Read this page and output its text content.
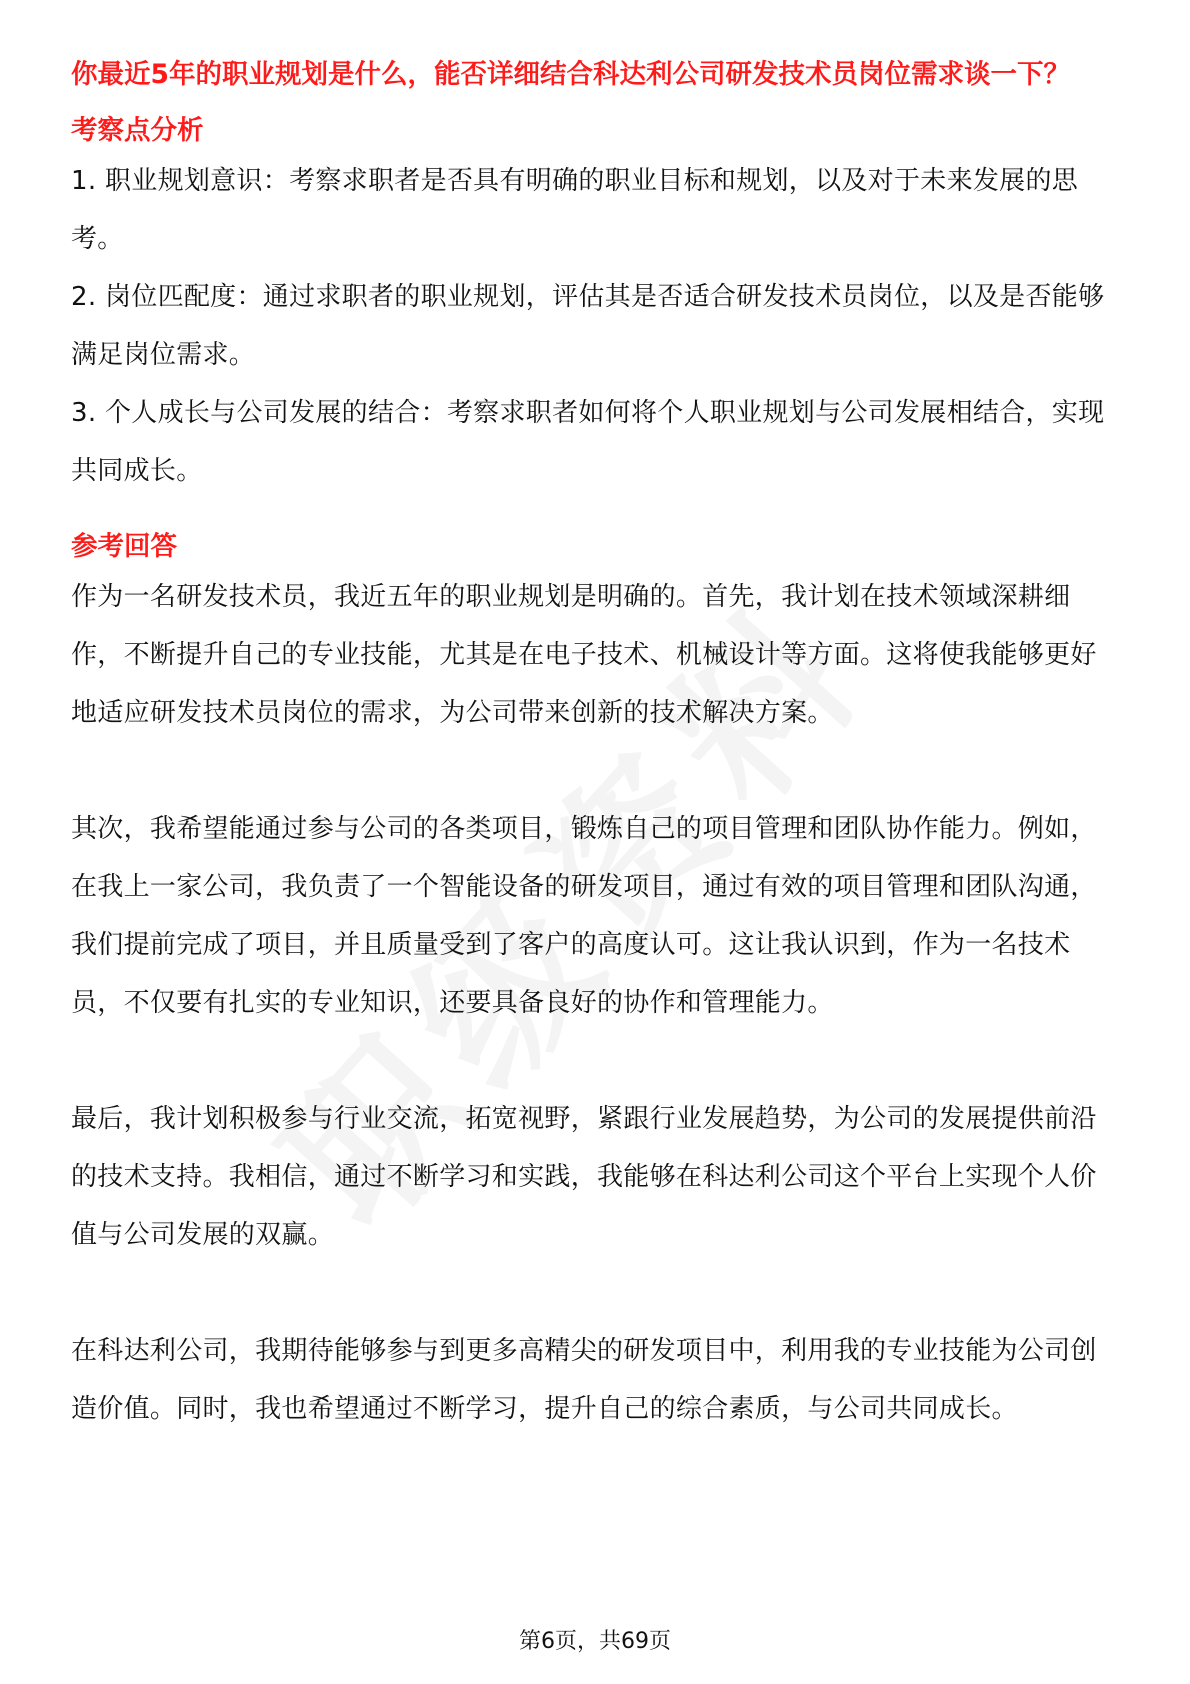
你最近5年的职业规划是什么，能否详细结合科达利公司研发技术员岗位需求谈一下？

考察点分析

1. 职业规划意识：考察求职者是否具有明确的职业目标和规划，以及对于未来发展的思考。

2. 岗位匹配度：通过求职者的职业规划，评估其是否适合研发技术员岗位，以及是否能够满足岗位需求。

3. 个人成长与公司发展的结合：考察求职者如何将个人职业规划与公司发展相结合，实现共同成长。

参考回答

作为一名研发技术员，我近五年的职业规划是明确的。首先，我计划在技术领域深耕细作，不断提升自己的专业技能，尤其是在电子技术、机械设计等方面。这将使我能够更好地适应研发技术员岗位的需求，为公司带来创新的技术解决方案。

其次，我希望能通过参与公司的各类项目，锻炼自己的项目管理和团队协作能力。例如，在我上一家公司，我负责了一个智能设备的研发项目，通过有效的项目管理和团队沟通，我们提前完成了项目，并且质量受到了客户的高度认可。这让我认识到，作为一名技术员，不仅要有扎实的专业知识，还要具备良好的协作和管理能力。

最后，我计划积极参与行业交流，拓宽视野，紧跟行业发展趋势，为公司的发展提供前沿的技术支持。我相信，通过不断学习和实践，我能够在科达利公司这个平台上实现个人价值与公司发展的双赢。

在科达利公司，我期待能够参与到更多高精尖的研发项目中，利用我的专业技能为公司创造价值。同时，我也希望通过不断学习，提升自己的综合素质，与公司共同成长。

第6页，共69页
